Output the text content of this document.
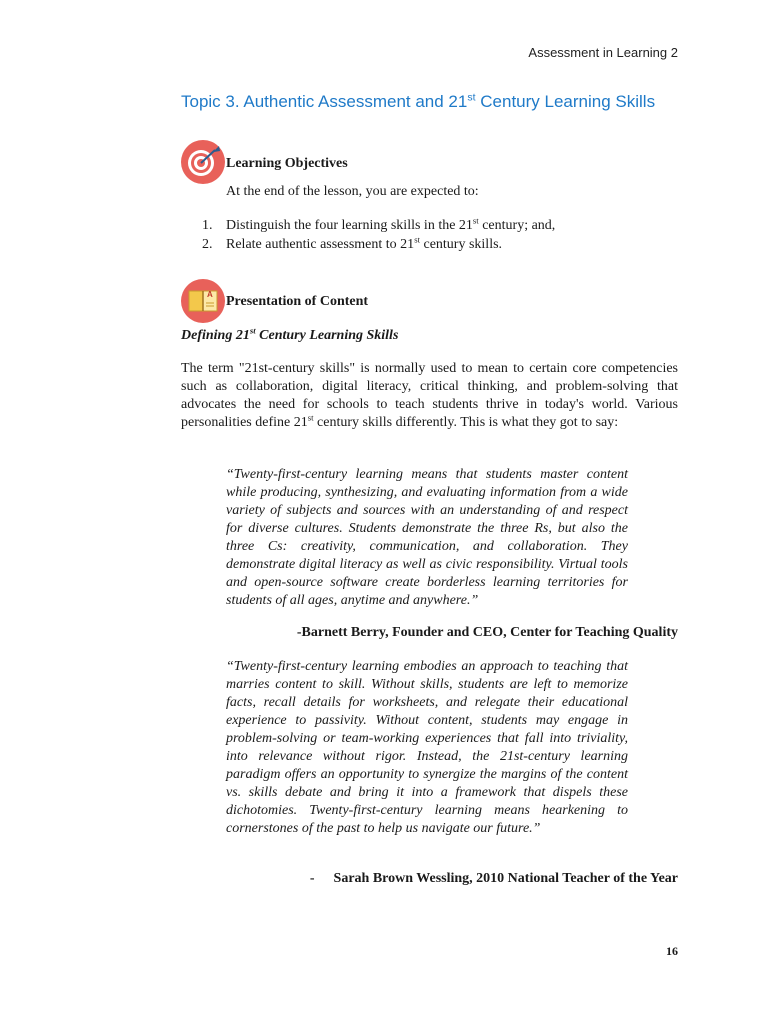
Assessment in Learning 2
Topic 3. Authentic Assessment and 21st Century Learning Skills
Learning Objectives
At the end of the lesson, you are expected to:
1. Distinguish the four learning skills in the 21st century; and,
2. Relate authentic assessment to 21st century skills.
A Presentation of Content
Defining 21st Century Learning Skills
The term "21st-century skills" is normally used to mean to certain core competencies such as collaboration, digital literacy, critical thinking, and problem-solving that advocates the need for schools to teach students thrive in today's world. Various personalities define 21st century skills differently. This is what they got to say:
“Twenty-first-century learning means that students master content while producing, synthesizing, and evaluating information from a wide variety of subjects and sources with an understanding of and respect for diverse cultures. Students demonstrate the three Rs, but also the three Cs: creativity, communication, and collaboration. They demonstrate digital literacy as well as civic responsibility. Virtual tools and open-source software create borderless learning territories for students of all ages, anytime and anywhere.”
-Barnett Berry, Founder and CEO, Center for Teaching Quality
“Twenty-first-century learning embodies an approach to teaching that marries content to skill. Without skills, students are left to memorize facts, recall details for worksheets, and relegate their educational experience to passivity. Without content, students may engage in problem-solving or team-working experiences that fall into triviality, into relevance without rigor. Instead, the 21st-century learning paradigm offers an opportunity to synergize the margins of the content vs. skills debate and bring it into a framework that dispels these dichotomies. Twenty-first-century learning means hearkening to cornerstones of the past to help us navigate our future.”
- Sarah Brown Wessling, 2010 National Teacher of the Year
16
